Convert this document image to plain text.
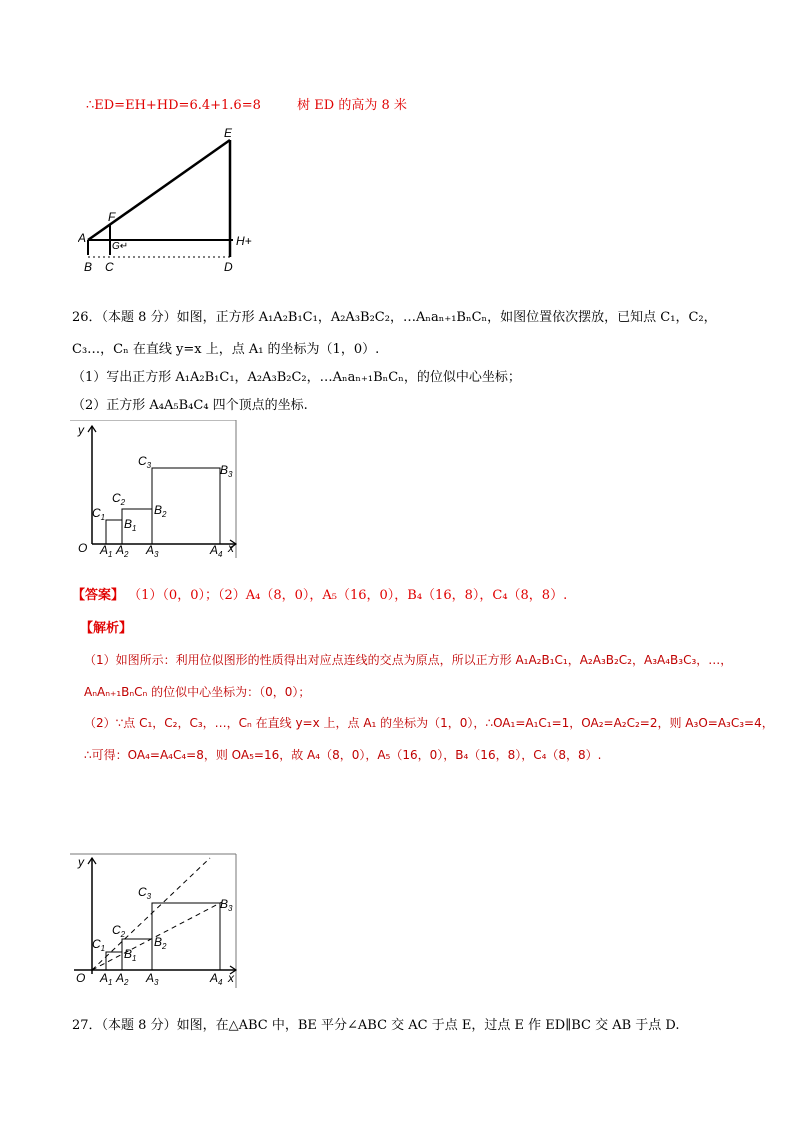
∴ED=EH+HD=6.4+1.6=8	树 ED 的高为 8 米
E
F
A
G↵	H+
B C	D
26．（本题 8 分）如图，正方形 A₁A₂B₁C₁，A₂A₃B₂C₂，…Aₙaₙ₊₁BₙCₙ，如图位置依次摆放，已知点 C₁，C₂，
C₃…，Cₙ 在直线 y=x 上，点 A₁ 的坐标为（1，0）.
（1）写出正方形 A₁A₂B₁C₁，A₂A₃B₂C₂，…Aₙaₙ₊₁BₙCₙ，的位似中心坐标；
（2）正方形 A₄A₅B₄C₄ 四个顶点的坐标.
y
O $A_1$ $A_2$ $A_3$	$A_4$ x
$C_1$ $B_1$
$C_2$
$B_2$
$C_3$	$B_3$
【答案】 （1）（0，0）；（2）A₄（8，0），A₅（16，0），B₄（16，8），C₄（8，8）.
【解析】
（1）如图所示：利用位似图形的性质得出对应点连线的交点为原点，所以正方形 A₁A₂B₁C₁，A₂A₃B₂C₂，A₃A₄B₃C₃，…，
AₙAₙ₊₁BₙCₙ 的位似中心坐标为：（0，0）；
（2）∵点 C₁，C₂，C₃，…，Cₙ 在直线 y=x 上，点 A₁ 的坐标为（1，0），∴OA₁=A₁C₁=1，OA₂=A₂C₂=2，则 A₃O=A₃C₃=4，
∴可得：OA₄=A₄C₄=8，则 OA₅=16，故 A₄（8，0），A₅（16，0），B₄（16，8），C₄（8，8）.
y
O $A_1$ $A_2$ $A_3$	$A_4$ x
$C_1$ $B_1$
$C_2$
$B_2$
$C_3$
$B_3$
27．（本题 8 分）如图，在△ABC 中，BE 平分∠ABC 交 AC 于点 E，过点 E 作 ED∥BC 交 AB 于点 D.
